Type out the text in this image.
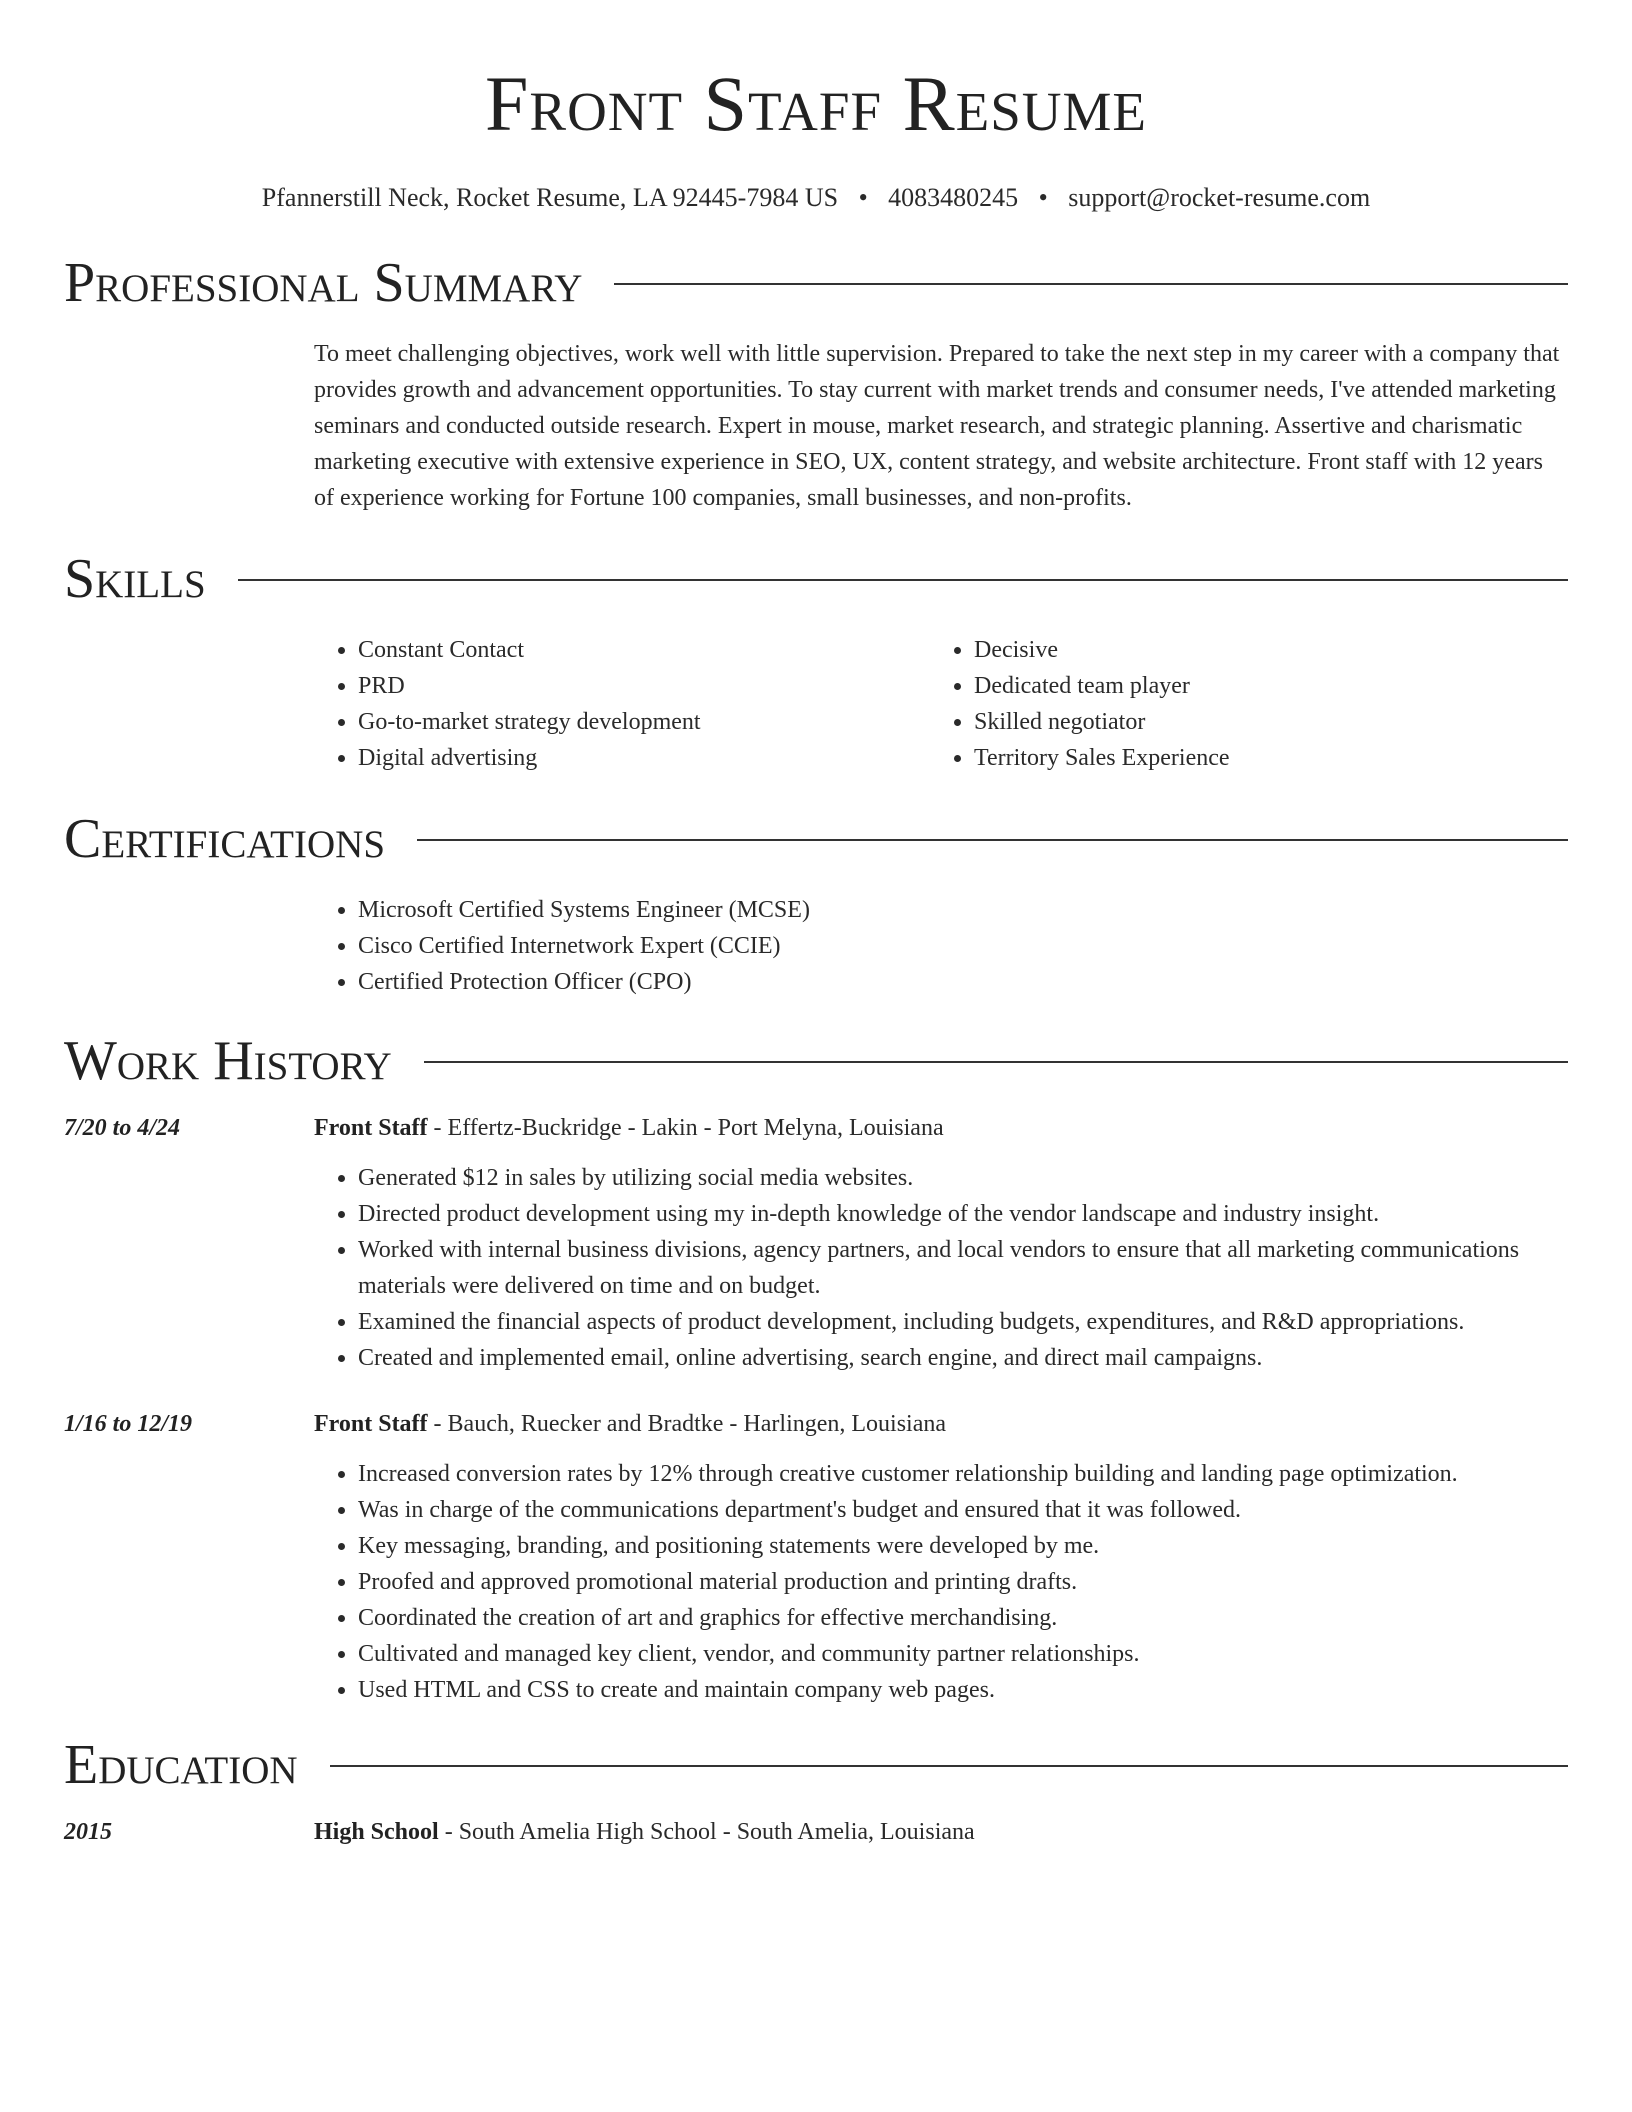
Front Staff Resume
Pfannerstill Neck, Rocket Resume, LA 92445-7984 US • 4083480245 • support@rocket-resume.com
Professional Summary
To meet challenging objectives, work well with little supervision. Prepared to take the next step in my career with a company that provides growth and advancement opportunities. To stay current with market trends and consumer needs, I've attended marketing seminars and conducted outside research. Expert in mouse, market research, and strategic planning. Assertive and charismatic marketing executive with extensive experience in SEO, UX, content strategy, and website architecture. Front staff with 12 years of experience working for Fortune 100 companies, small businesses, and non-profits.
Skills
• Constant Contact
• PRD
• Go-to-market strategy development
• Digital advertising
• Decisive
• Dedicated team player
• Skilled negotiator
• Territory Sales Experience
Certifications
• Microsoft Certified Systems Engineer (MCSE)
• Cisco Certified Internetwork Expert (CCIE)
• Certified Protection Officer (CPO)
Work History
7/20 to 4/24	Front Staff - Effertz-Buckridge - Lakin - Port Melyna, Louisiana
• Generated $12 in sales by utilizing social media websites.
• Directed product development using my in-depth knowledge of the vendor landscape and industry insight.
• Worked with internal business divisions, agency partners, and local vendors to ensure that all marketing communications materials were delivered on time and on budget.
• Examined the financial aspects of product development, including budgets, expenditures, and R&D appropriations.
• Created and implemented email, online advertising, search engine, and direct mail campaigns.
1/16 to 12/19	Front Staff - Bauch, Ruecker and Bradtke - Harlingen, Louisiana
• Increased conversion rates by 12% through creative customer relationship building and landing page optimization.
• Was in charge of the communications department's budget and ensured that it was followed.
• Key messaging, branding, and positioning statements were developed by me.
• Proofed and approved promotional material production and printing drafts.
• Coordinated the creation of art and graphics for effective merchandising.
• Cultivated and managed key client, vendor, and community partner relationships.
• Used HTML and CSS to create and maintain company web pages.
Education
2015	High School - South Amelia High School - South Amelia, Louisiana
